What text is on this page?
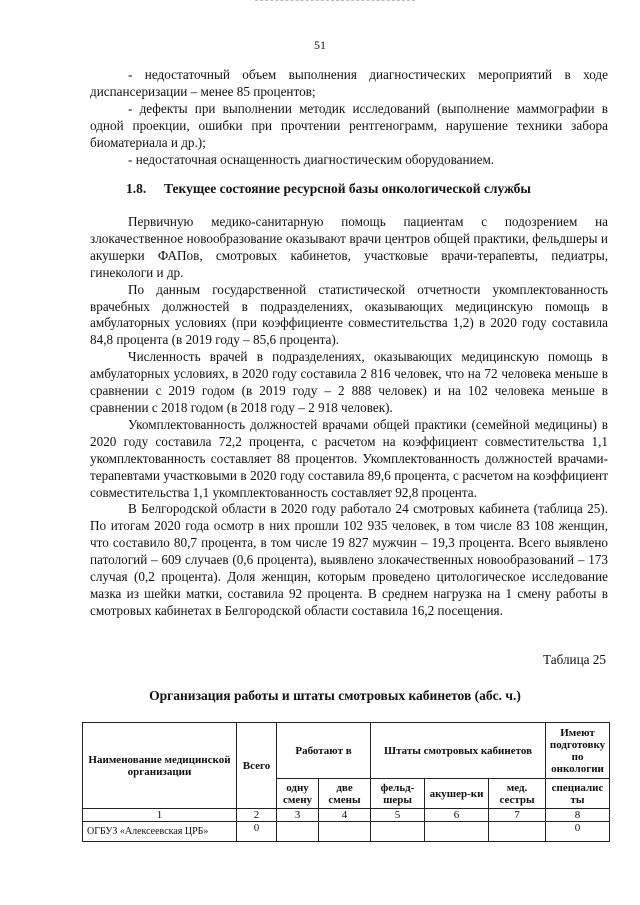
51

- недостаточный объем выполнения диагностических мероприятий в ходе диспансеризации – менее 85 процентов;

- дефекты при выполнении методик исследований (выполнение маммографии в одной проекции, ошибки при прочтении рентгенограмм, нарушение техники забора биоматериала и др.);

- недостаточная оснащенность диагностическим оборудованием.

1.8. Текущее состояние ресурсной базы онкологической службы

Первичную медико-санитарную помощь пациентам с подозрением на злокачественное новообразование оказывают врачи центров общей практики, фельдшеры и акушерки ФАПов, смотровых кабинетов, участковые врачи-терапевты, педиатры, гинекологи и др.

По данным государственной статистической отчетности укомплектованность врачебных должностей в подразделениях, оказывающих медицинскую помощь в амбулаторных условиях (при коэффициенте совместительства 1,2) в 2020 году составила 84,8 процента (в 2019 году – 85,6 процента).

Численность врачей в подразделениях, оказывающих медицинскую помощь в амбулаторных условиях, в 2020 году составила 2 816 человек, что на 72 человека меньше в сравнении с 2019 годом (в 2019 году – 2 888 человек) и на 102 человека меньше в сравнении с 2018 годом (в 2018 году – 2 918 человек).

Укомплектованность должностей врачами общей практики (семейной медицины) в 2020 году составила 72,2 процента, с расчетом на коэффициент совместительства 1,1 укомплектованность составляет 88 процентов. Укомплектованность должностей врачами-терапевтами участковыми в 2020 году составила 89,6 процента, с расчетом на коэффициент совместительства 1,1 укомплектованность составляет 92,8 процента.

В Белгородской области в 2020 году работало 24 смотровых кабинета (таблица 25). По итогам 2020 года осмотр в них прошли 102 935 человек, в том числе 83 108 женщин, что составило 80,7 процента, в том числе 19 827 мужчин – 19,3 процента. Всего выявлено патологий – 609 случаев (0,6 процента), выявлено злокачественных новообразований – 173 случая (0,2 процента). Доля женщин, которым проведено цитологическое исследование мазка из шейки матки, составила 92 процента. В среднем нагрузка на 1 смену работы в смотровых кабинетах в Белгородской области составила 16,2 посещения.

Таблица 25
Организация работы и штаты смотровых кабинетов (абс. ч.)
Наименование медицинской организации	Всего	Работают в		Штаты смотровых кабинетов			Имеют подготовку по онкологии
		одну смену	две смены	фельд-шеры	акушер-ки	мед. сестры	специалис ты
1	2	3	4	5	6	7	8
ОГБУЗ «Алексеевская ЦРБ»	0						0
